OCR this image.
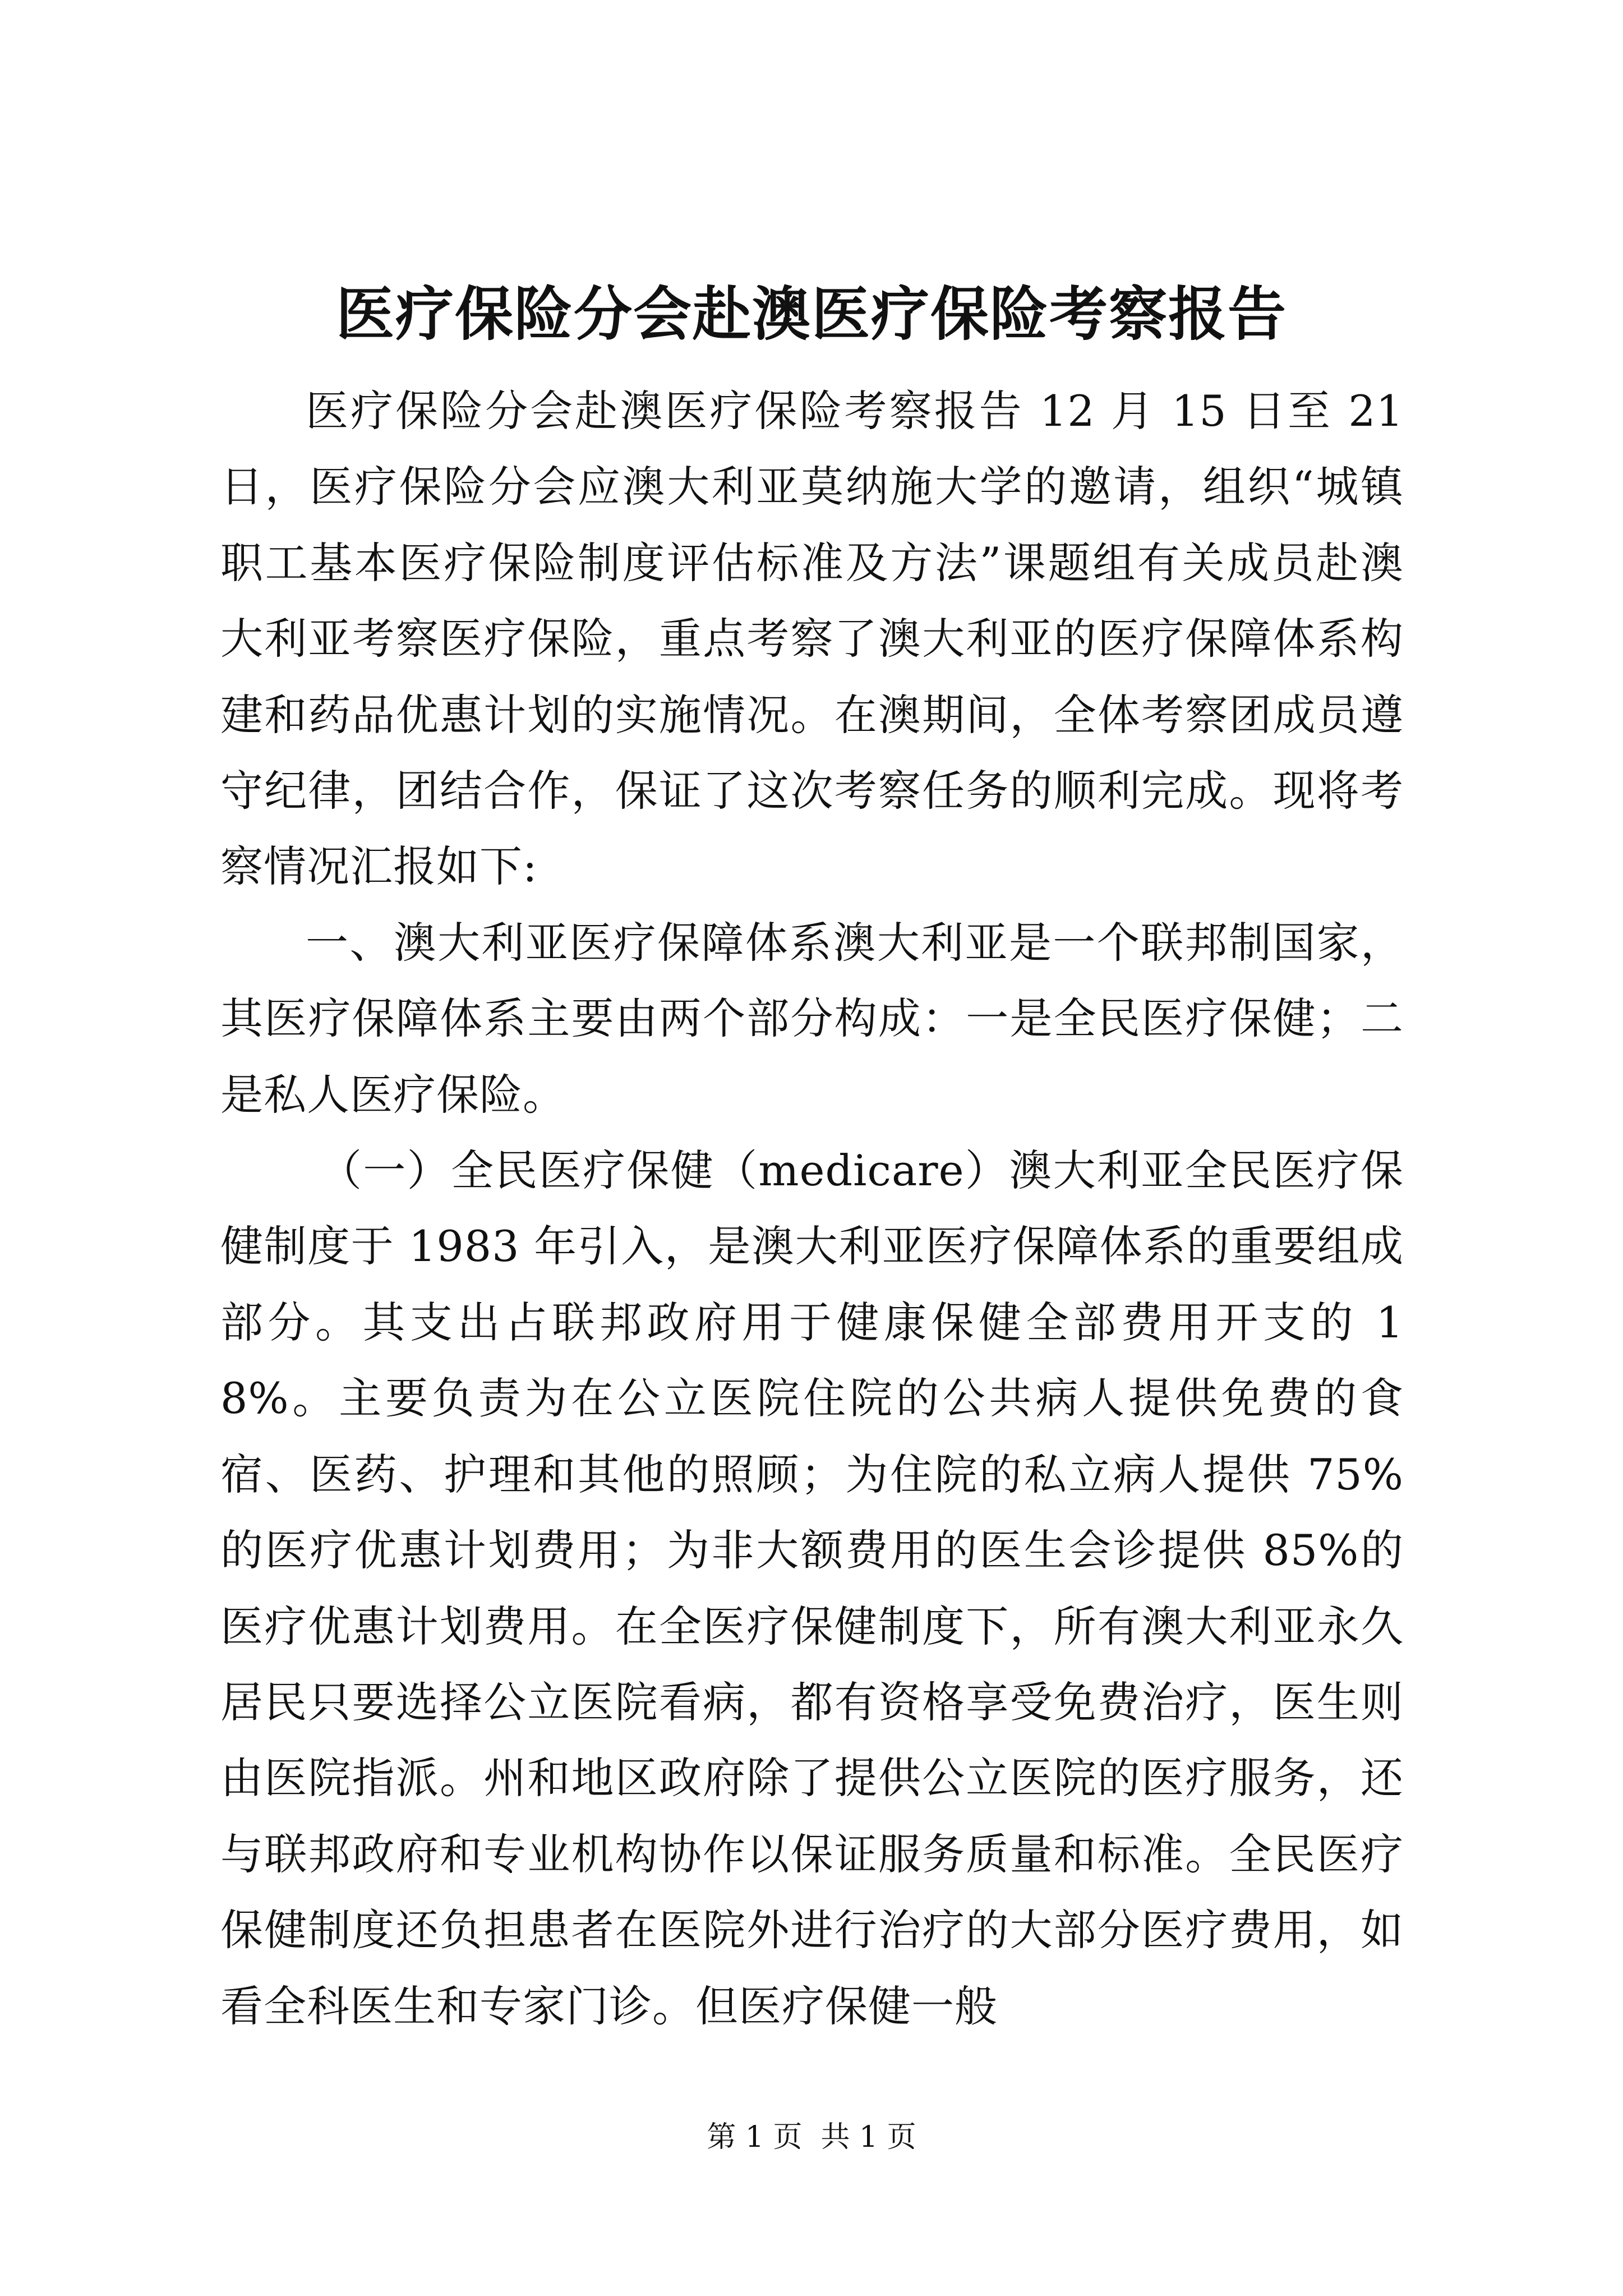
医疗保险分会赴澳医疗保险考察报告

医疗保险分会赴澳医疗保险考察报告 12 月 15 日至 21 日，医疗保险分会应澳大利亚莫纳施大学的邀请，组织“城镇职工基本医疗保险制度评估标准及方法”课题组有关成员赴澳大利亚考察医疗保险，重点考察了澳大利亚的医疗保障体系构建和药品优惠计划的实施情况。在澳期间，全体考察团成员遵守纪律，团结合作，保证了这次考察任务的顺利完成。现将考察情况汇报如下:

一、澳大利亚医疗保障体系澳大利亚是一个联邦制国家，其医疗保障体系主要由两个部分构成：一是全民医疗保健；二是私人医疗保险。

（一）全民医疗保健（medicare）澳大利亚全民医疗保健制度于 1983 年引入，是澳大利亚医疗保障体系的重要组成部分。其支出占联邦政府用于健康保健全部费用开支的 18%。主要负责为在公立医院住院的公共病人提供免费的食宿、医药、护理和其他的照顾；为住院的私立病人提供 75%的医疗优惠计划费用；为非大额费用的医生会诊提供 85%的医疗优惠计划费用。在全医疗保健制度下，所有澳大利亚永久居民只要选择公立医院看病，都有资格享受免费治疗，医生则由医院指派。州和地区政府除了提供公立医院的医疗服务，还与联邦政府和专业机构协作以保证服务质量和标准。全民医疗保健制度还负担患者在医院外进行治疗的大部分医疗费用，如看全科医生和专家门诊。但医疗保健一般

第 1 页  共 1 页
